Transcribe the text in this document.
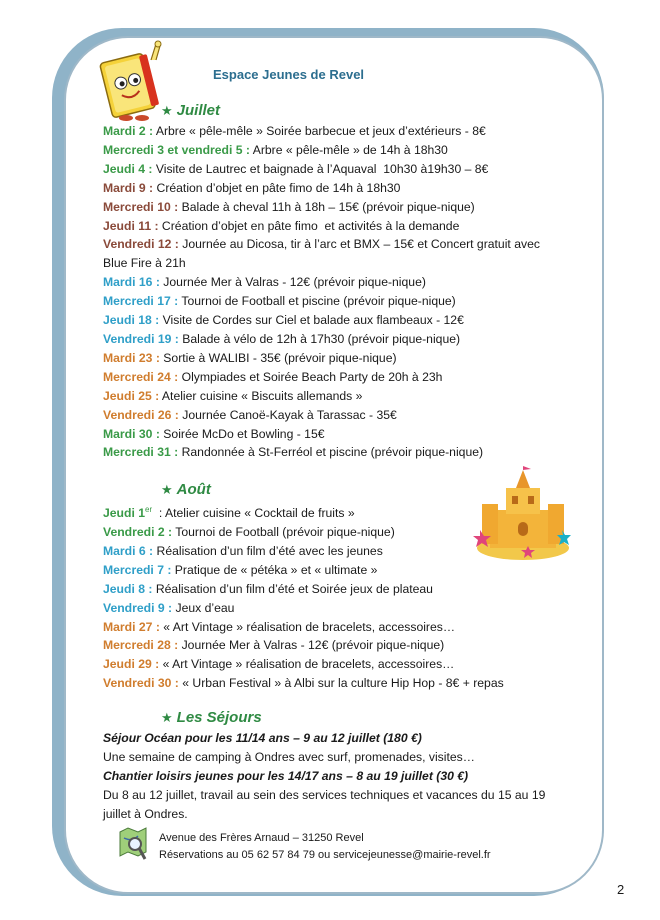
Espace Jeunes de Revel
★ Juillet
Mardi 2 : Arbre « pêle-mêle » Soirée barbecue et jeux d’extérieurs - 8€
Mercredi 3 et vendredi 5 : Arbre « pêle-mêle » de 14h à 18h30
Jeudi 4 : Visite de Lautrec et baignade à l’Aquaval  10h30 à19h30 – 8€
Mardi 9 : Création d’objet en pâte fimo de 14h à 18h30
Mercredi 10 : Balade à cheval 11h à 18h – 15€ (prévoir pique-nique)
Jeudi 11 : Création d’objet en pâte fimo  et activités à la demande
Vendredi 12 : Journée au Dicosa, tir à l’arc et BMX – 15€ et Concert gratuit avec Blue Fire à 21h
Mardi 16 : Journée Mer à Valras - 12€ (prévoir pique-nique)
Mercredi 17 : Tournoi de Football et piscine (prévoir pique-nique)
Jeudi 18 : Visite de Cordes sur Ciel et balade aux flambeaux - 12€
Vendredi 19 : Balade à vélo de 12h à 17h30 (prévoir pique-nique)
Mardi 23 : Sortie à WALIBI - 35€ (prévoir pique-nique)
Mercredi 24 : Olympiades et Soirée Beach Party de 20h à 23h
Jeudi 25 : Atelier cuisine « Biscuits allemands »
Vendredi 26 : Journée Canoë-Kayak à Tarassac - 35€
Mardi 30 : Soirée McDo et Bowling - 15€
Mercredi 31 : Randonnée à St-Ferréol et piscine (prévoir pique-nique)
★ Août
Jeudi 1er  : Atelier cuisine « Cocktail de fruits »
Vendredi 2 : Tournoi de Football (prévoir pique-nique)
Mardi 6 : Réalisation d’un film d’été avec les jeunes
Mercredi 7 : Pratique de « pétéka » et « ultimate »
Jeudi 8 : Réalisation d’un film d’été et Soirée jeux de plateau
Vendredi 9 : Jeux d’eau
Mardi 27 : « Art Vintage » réalisation de bracelets, accessoires…
Mercredi 28 : Journée Mer à Valras - 12€ (prévoir pique-nique)
Jeudi 29 : « Art Vintage » réalisation de bracelets, accessoires…
Vendredi 30 : « Urban Festival » à Albi sur la culture Hip Hop - 8€ + repas
★ Les Séjours
Séjour Océan pour les 11/14 ans – 9 au 12 juillet (180 €)
Une semaine de camping à Ondres avec surf, promenades, visites…
Chantier loisirs jeunes pour les 14/17 ans – 8 au 19 juillet (30 €)
Du 8 au 12 juillet, travail au sein des services techniques et vacances du 15 au 19 juillet à Ondres.
Avenue des Frères Arnaud – 31250 Revel
Réservations au 05 62 57 84 79 ou servicejeunesse@mairie-revel.fr
2
